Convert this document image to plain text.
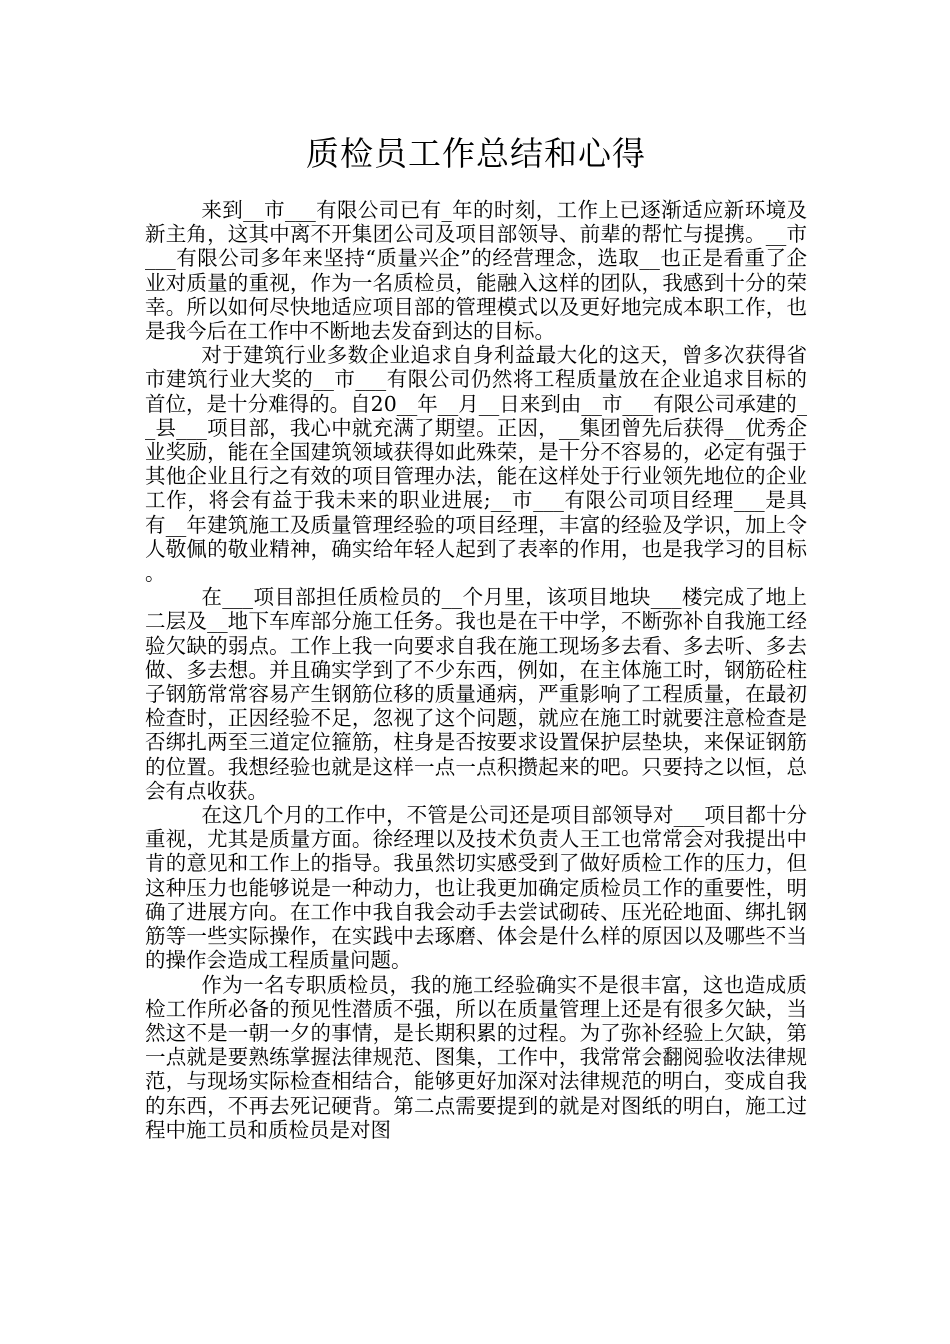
质检员工作总结和心得

来到__市___有限公司已有_年的时刻，工作上已逐渐适应新环境及新主角，这其中离不开集团公司及项目部领导、前辈的帮忙与提携。__市___有限公司多年来坚持“质量兴企”的经营理念，选取__也正是看重了企业对质量的重视，作为一名质检员，能融入这样的团队，我感到十分的荣幸。所以如何尽快地适应项目部的管理模式以及更好地完成本职工作，也是我今后在工作中不断地去发奋到达的目标。

对于建筑行业多数企业追求自身利益最大化的这天，曾多次获得省市建筑行业大奖的__市___有限公司仍然将工程质量放在企业追求目标的首位，是十分难得的。自20__年__月__日来到由__市___有限公司承建的__县___项目部，我心中就充满了期望。正因，__集团曾先后获得__优秀企业奖励，能在全国建筑领域获得如此殊荣，是十分不容易的，必定有强于其他企业且行之有效的项目管理办法，能在这样处于行业领先地位的企业工作，将会有益于我未来的职业进展;__市___有限公司项目经理___是具有__年建筑施工及质量管理经验的项目经理，丰富的经验及学识，加上令人敬佩的敬业精神，确实给年轻人起到了表率的作用，也是我学习的目标。

在___项目部担任质检员的__个月里，该项目地块___楼完成了地上二层及__地下车库部分施工任务。我也是在干中学，不断弥补自我施工经验欠缺的弱点。工作上我一向要求自我在施工现场多去看、多去听、多去做、多去想。并且确实学到了不少东西，例如，在主体施工时，钢筋砼柱子钢筋常常容易产生钢筋位移的质量通病，严重影响了工程质量，在最初检查时，正因经验不足，忽视了这个问题，就应在施工时就要注意检查是否绑扎两至三道定位箍筋，柱身是否按要求设置保护层垫块，来保证钢筋的位置。我想经验也就是这样一点一点积攒起来的吧。只要持之以恒，总会有点收获。

在这几个月的工作中，不管是公司还是项目部领导对___项目都十分重视，尤其是质量方面。徐经理以及技术负责人王工也常常会对我提出中肯的意见和工作上的指导。我虽然切实感受到了做好质检工作的压力，但这种压力也能够说是一种动力，也让我更加确定质检员工作的重要性，明确了进展方向。在工作中我自我会动手去尝试砌砖、压光砼地面、绑扎钢筋等一些实际操作，在实践中去琢磨、体会是什么样的原因以及哪些不当的操作会造成工程质量问题。

作为一名专职质检员，我的施工经验确实不是很丰富，这也造成质检工作所必备的预见性潜质不强，所以在质量管理上还是有很多欠缺，当然这不是一朝一夕的事情，是长期积累的过程。为了弥补经验上欠缺，第一点就是要熟练掌握法律规范、图集，工作中，我常常会翻阅验收法律规范，与现场实际检查相结合，能够更好加深对法律规范的明白，变成自我的东西，不再去死记硬背。第二点需要提到的就是对图纸的明白，施工过程中施工员和质检员是对图
